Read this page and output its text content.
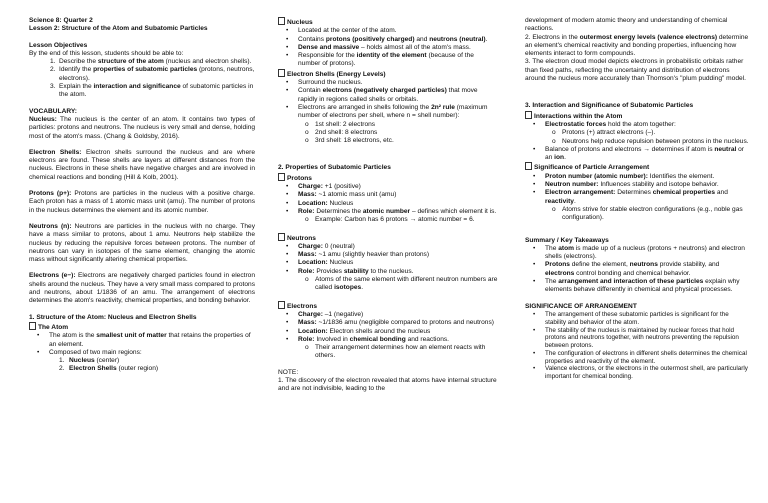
Science 8: Quarter 2

Lesson 2: Structure of the Atom and Subatomic Particles

Lesson Objectives

By the end of this lesson, students should be able to:

1. Describe the structure of the atom (nucleus and electron shells).
2. Identify the properties of subatomic particles (protons, neutrons, electrons).
3. Explain the interaction and significance of subatomic particles in the atom.

VOCABULARY:

Nucleus: The nucleus is the center of an atom. It contains two types of particles: protons and neutrons. The nucleus is very small and dense, holding most of the atom's mass. (Chang & Goldsby, 2016).

Electron Shells: Electron shells surround the nucleus and are where electrons are found. These shells are layers at different distances from the nucleus. Electrons in these shells have negative charges and are involved in chemical reactions and bonding (Hill & Kolb, 2001).

Protons (p+): Protons are particles in the nucleus with a positive charge. Each proton has a mass of 1 atomic mass unit (amu). The number of protons in the nucleus determines the element and its atomic number.

Neutrons (n): Neutrons are particles in the nucleus with no charge. They have a mass similar to protons, about 1 amu. Neutrons help stabilize the nucleus by reducing the repulsive forces between protons. The number of neutrons can vary in isotopes of the same element, changing the atomic mass without significantly altering chemical properties.

Electrons (e−): Electrons are negatively charged particles found in electron shells around the nucleus. They have a very small mass compared to protons and neutrons, about 1/1836 of an amu. The arrangement of electrons determines the atom's reactivity, chemical properties, and bonding behavior.

1. Structure of the Atom: Nucleus and Electron Shells

The Atom

• The atom is the smallest unit of matter that retains the properties of an element.
• Composed of two main regions:
1. Nucleus (center)
2. Electron Shells (outer region)

Nucleus

• Located at the center of the atom.
• Contains protons (positively charged) and neutrons (neutral).
• Dense and massive – holds almost all of the atom's mass.
• Responsible for the identity of the element (because of the number of protons).

Electron Shells (Energy Levels)

• Surround the nucleus.
• Contain electrons (negatively charged particles) that move rapidly in regions called shells or orbitals.
• Electrons are arranged in shells following the 2n² rule (maximum number of electrons per shell, where n = shell number):
o 1st shell: 2 electrons
o 2nd shell: 8 electrons
o 3rd shell: 18 electrons, etc.

2. Properties of Subatomic Particles

Protons

• Charge: +1 (positive)
• Mass: ~1 atomic mass unit (amu)
• Location: Nucleus
• Role: Determines the atomic number – defines which element it is.
o Example: Carbon has 6 protons → atomic number = 6.

Neutrons

• Charge: 0 (neutral)
• Mass: ~1 amu (slightly heavier than protons)
• Location: Nucleus
• Role: Provides stability to the nucleus.
o Atoms of the same element with different neutron numbers are called isotopes.

Electrons

• Charge: –1 (negative)
• Mass: ~1/1836 amu (negligible compared to protons and neutrons)
• Location: Electron shells around the nucleus
• Role: Involved in chemical bonding and reactions.
o Their arrangement determines how an element reacts with others.

NOTE:

1. The discovery of the electron revealed that atoms have internal structure and are not indivisible, leading to the

development of modern atomic theory and understanding of chemical reactions.

2. Electrons in the outermost energy levels (valence electrons) determine an element's chemical reactivity and bonding properties, influencing how elements interact to form compounds.

3. The electron cloud model depicts electrons in probabilistic orbitals rather than fixed paths, reflecting the uncertainty and distribution of electrons around the nucleus more accurately than Thomson's "plum pudding" model.

3. Interaction and Significance of Subatomic Particles

Interactions within the Atom

• Electrostatic forces hold the atom together:
o Protons (+) attract electrons (–).
o Neutrons help reduce repulsion between protons in the nucleus.
• Balance of protons and electrons → determines if atom is neutral or an ion.

Significance of Particle Arrangement

• Proton number (atomic number): Identifies the element.
• Neutron number: Influences stability and isotope behavior.
• Electron arrangement: Determines chemical properties and reactivity.
o Atoms strive for stable electron configurations (e.g., noble gas configuration).

Summary / Key Takeaways

• The atom is made up of a nucleus (protons + neutrons) and electron shells (electrons).
• Protons define the element, neutrons provide stability, and electrons control bonding and chemical behavior.
• The arrangement and interaction of these particles explain why elements behave differently in chemical and physical processes.

SIGNIFICANCE OF ARRANGEMENT

• The arrangement of these subatomic particles is significant for the stability and behavior of the atom.
• The stability of the nucleus is maintained by nuclear forces that hold protons and neutrons together, with neutrons preventing the repulsion between protons.
• The configuration of electrons in different shells determines the chemical properties and reactivity of the element.
• Valence electrons, or the electrons in the outermost shell, are particularly important for chemical bonding.
